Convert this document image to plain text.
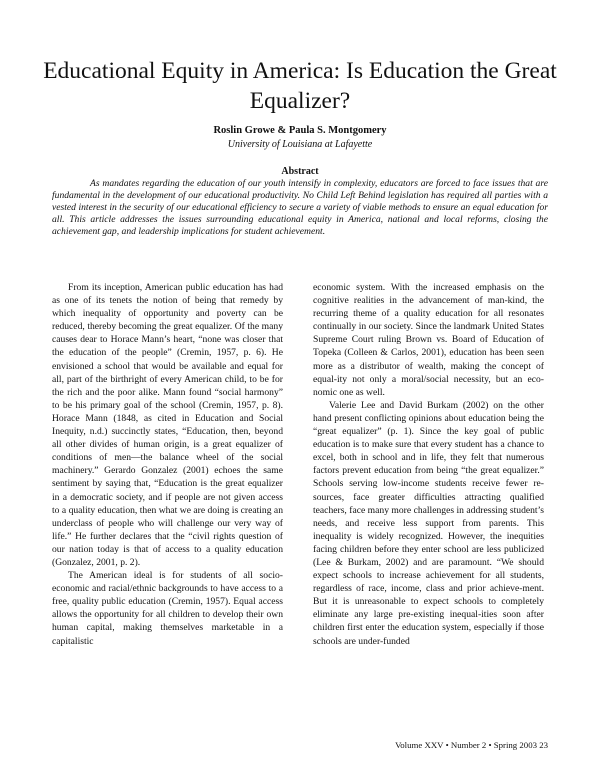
Educational Equity in America: Is Education the Great Equalizer?
Roslin Growe & Paula S. Montgomery
University of Louisiana at Lafayette
Abstract

As mandates regarding the education of our youth intensify in complexity, educators are forced to face issues that are fundamental in the development of our educational productivity. No Child Left Behind legislation has required all parties with a vested interest in the security of our educational efficiency to secure a variety of viable methods to ensure an equal education for all. This article addresses the issues surrounding educational equity in America, national and local reforms, closing the achievement gap, and leadership implications for student achievement.

From its inception, American public education has had as one of its tenets the notion of being that remedy by which inequality of opportunity and poverty can be reduced, thereby becoming the great equalizer. Of the many causes dear to Horace Mann’s heart, “none was closer that the education of the people” (Cremin, 1957, p. 6). He envisioned a school that would be available and equal for all, part of the birthright of every American child, to be for the rich and the poor alike. Mann found “social harmony” to be his primary goal of the school (Cremin, 1957, p. 8). Horace Mann (1848, as cited in Education and Social Inequity, n.d.) succinctly states, “Education, then, beyond all other divides of human origin, is a great equalizer of conditions of men—the balance wheel of the social machinery.” Gerardo Gonzalez (2001) echoes the same sentiment by saying that, “Education is the great equalizer in a democratic society, and if people are not given access to a quality education, then what we are doing is creating an underclass of people who will challenge our very way of life.” He further declares that the “civil rights question of our nation today is that of access to a quality education (Gonzalez, 2001, p. 2).

The American ideal is for students of all socio-economic and racial/ethnic backgrounds to have access to a free, quality public education (Cremin, 1957). Equal access allows the opportunity for all children to develop their own human capital, making themselves marketable in a capitalistic

economic system. With the increased emphasis on the cognitive realities in the advancement of man-kind, the recurring theme of a quality education for all resonates continually in our society. Since the landmark United States Supreme Court ruling Brown vs. Board of Education of Topeka (Colleen & Carlos, 2001), education has been seen more as a distributor of wealth, making the concept of equal-ity not only a moral/social necessity, but an eco-nomic one as well.

Valerie Lee and David Burkam (2002) on the other hand present conflicting opinions about education being the “great equalizer” (p. 1). Since the key goal of public education is to make sure that every student has a chance to excel, both in school and in life, they felt that numerous factors prevent education from being “the great equalizer.” Schools serving low-income students receive fewer re-sources, face greater difficulties attracting qualified teachers, face many more challenges in addressing student’s needs, and receive less support from parents. This inequality is widely recognized. However, the inequities facing children before they enter school are less publicized (Lee & Burkam, 2002) and are paramount. “We should expect schools to increase achievement for all students, regardless of race, income, class and prior achieve-ment. But it is unreasonable to expect schools to completely eliminate any large pre-existing inequal-ities soon after children first enter the education system, especially if those schools are under-funded

Volume XXV • Number 2 • Spring 2003 23
